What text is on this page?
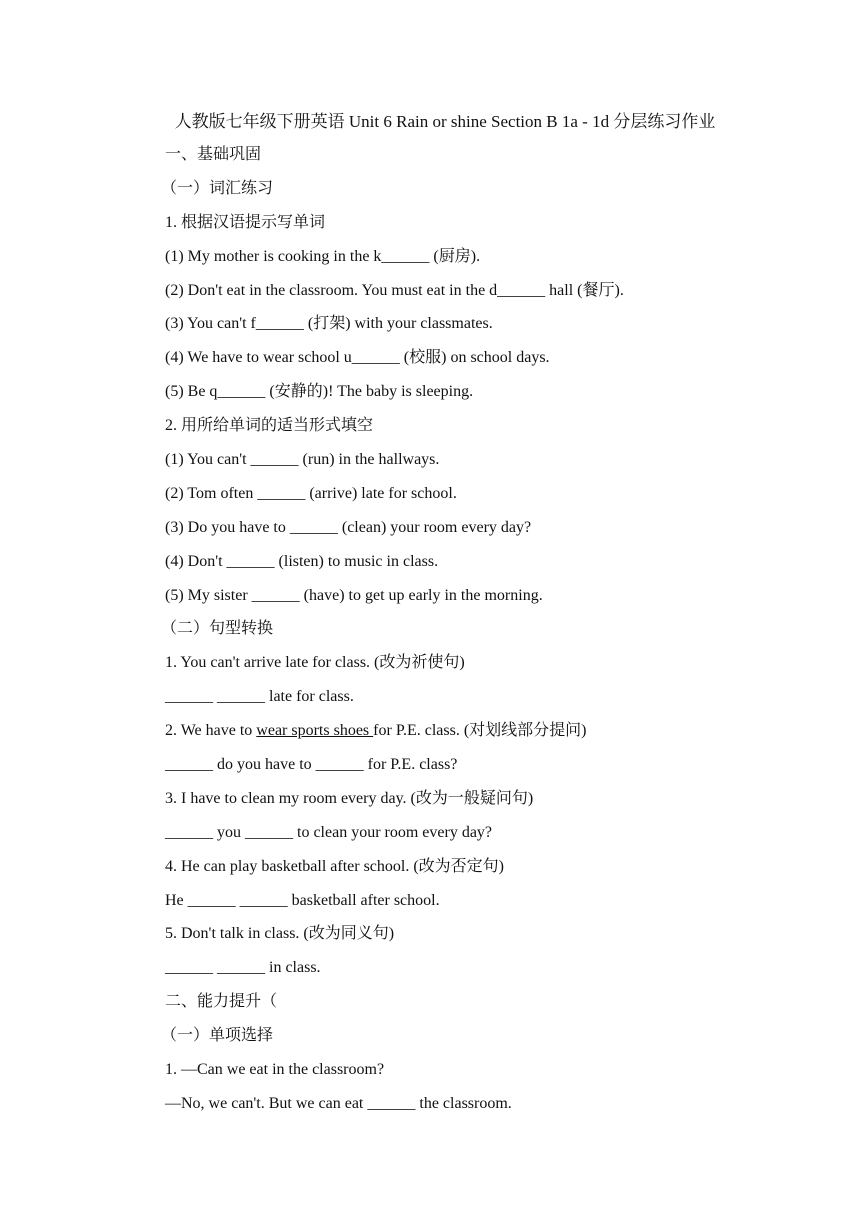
人教版七年级下册英语 Unit 6 Rain or shine Section B 1a - 1d 分层练习作业
一、基础巩固
（一）词汇练习
1. 根据汉语提示写单词
(1) My mother is cooking in the k______ (厨房).
(2) Don't eat in the classroom. You must eat in the d______ hall (餐厅).
(3) You can't f______ (打架) with your classmates.
(4) We have to wear school u______ (校服) on school days.
(5) Be q______ (安静的)! The baby is sleeping.
2. 用所给单词的适当形式填空
(1) You can't ______ (run) in the hallways.
(2) Tom often ______ (arrive) late for school.
(3) Do you have to ______ (clean) your room every day?
(4) Don't ______ (listen) to music in class.
(5) My sister ______ (have) to get up early in the morning.
（二）句型转换
1. You can't arrive late for class. (改为祈使句)
______ ______ late for class.
2. We have to wear sports shoes for P.E. class. (对划线部分提问)
______ do you have to ______ for P.E. class?
3. I have to clean my room every day. (改为一般疑问句)
______ you ______ to clean your room every day?
4. He can play basketball after school. (改为否定句)
He ______ ______ basketball after school.
5. Don't talk in class. (改为同义句)
______ ______ in class.
二、能力提升（
（一）单项选择
1. —Can we eat in the classroom?
—No, we can't. But we can eat ______ the classroom.
